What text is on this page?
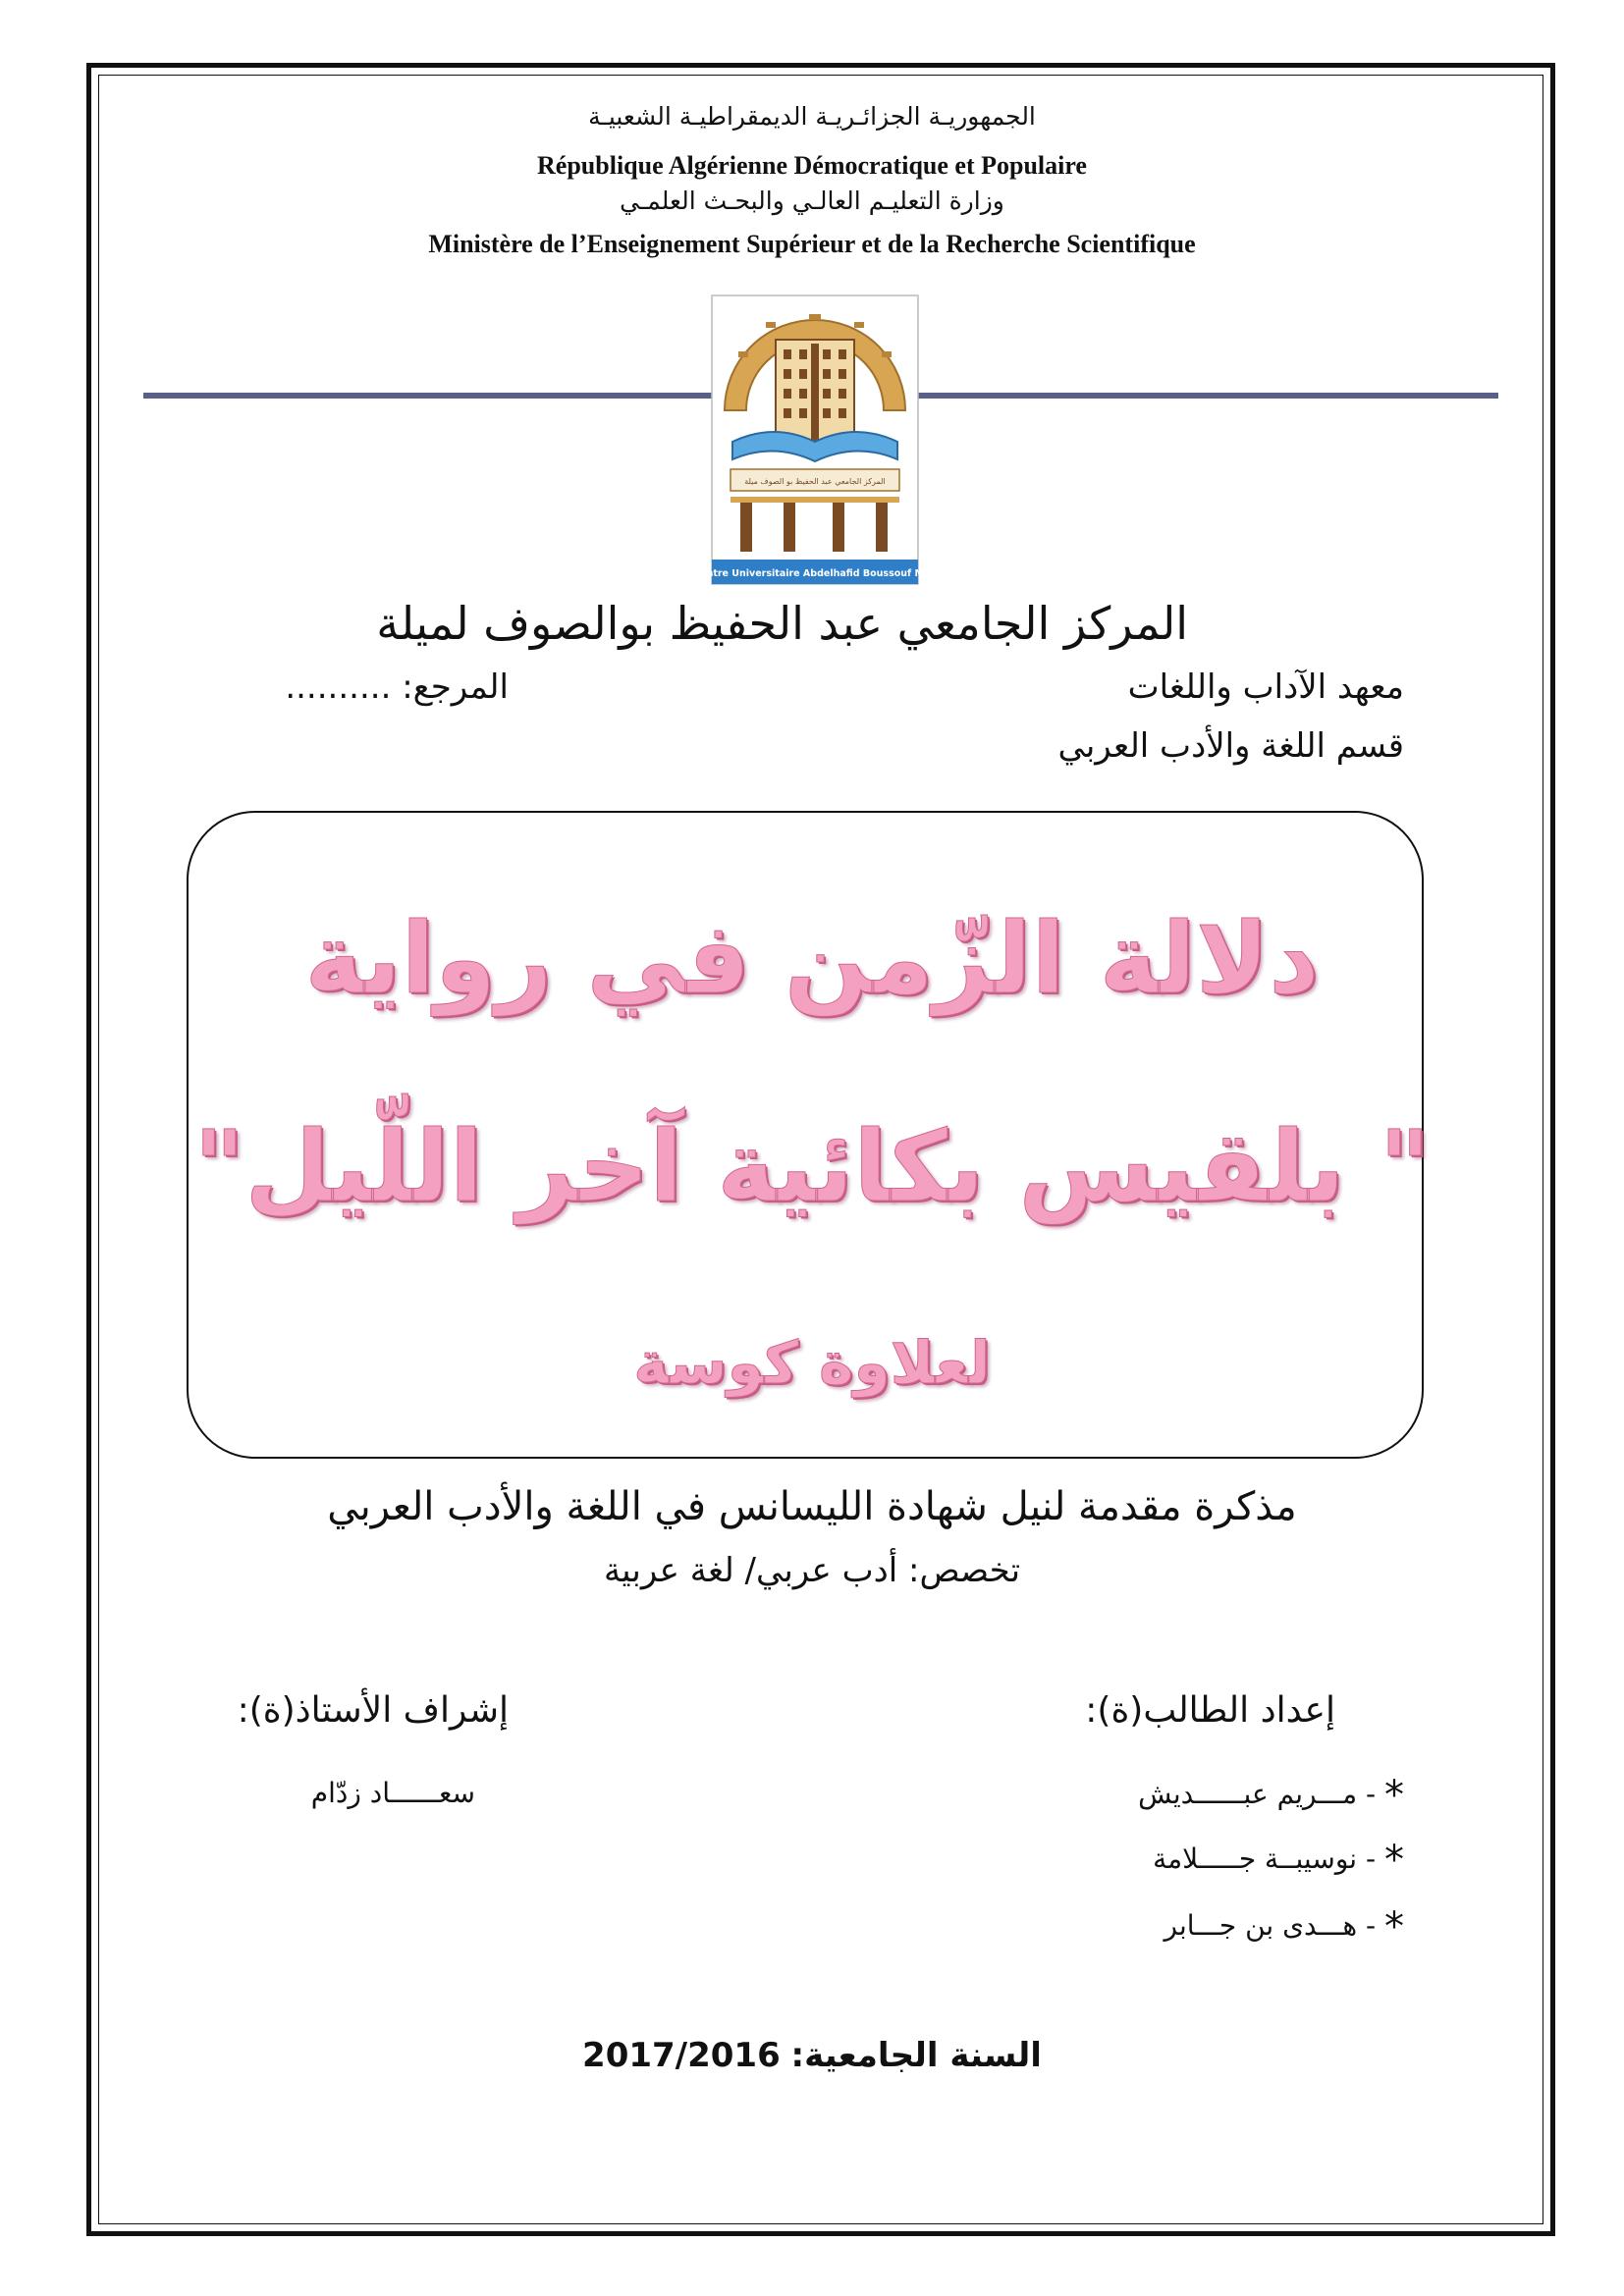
الجمهوريـة الجزائـريـة الديمقراطيـة الشعبيـة
République Algérienne Démocratique et Populaire
وزارة التعليـم العالـي والبحـث العلمـي
Ministère de l’Enseignement Supérieur et de la Recherche Scientifique
المركز الجامعي عبد الحفيظ بو الصوف ميلة
Centre Universitaire Abdelhafid Boussouf Mila
المركز الجامعي عبد الحفيظ بوالصوف لميلة
معهد الآداب واللغات
المرجع: ..........
قسم اللغة والأدب العربي
دلالة الزّمن في رواية
" بلقيس بكائية آخر اللّيل"
لعلاوة كوسة
مذكرة مقدمة لنيل شهادة الليسانس في اللغة والأدب العربي
تخصص: أدب عربي/ لغة عربية
إعداد الطالب(ة):
* - مـــريم عبــــــديش
* - نوسيبــة جـــــلامة
* - هـــدى بن جـــابر
إشراف الأستاذ(ة):
سعــــــاد زدّام
السنة الجامعية: 2017/2016
